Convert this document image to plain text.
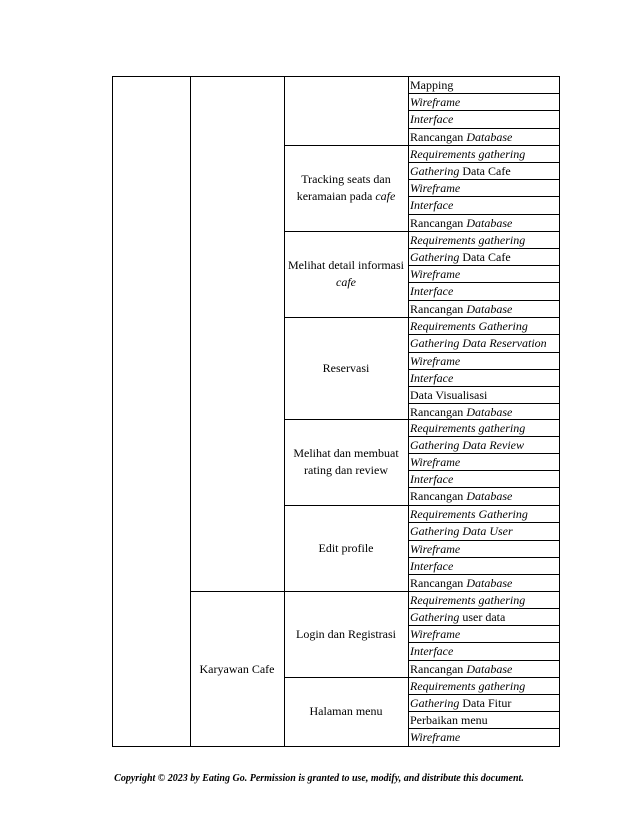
Mapping
Wireframe
Interface
Rancangan Database
Requirements gathering
Gathering Data Cafe
Wireframe
Interface
Rancangan Database
Requirements gathering
Gathering Data Cafe
Wireframe
Interface
Rancangan Database
Requirements Gathering
Gathering Data Reservation
Wireframe
Interface
Data Visualisasi
Rancangan Database
Requirements gathering
Gathering Data Review
Wireframe
Interface
Rancangan Database
Requirements Gathering
Gathering Data User
Wireframe
Interface
Rancangan Database
Requirements gathering
Gathering user data
Wireframe
Interface
Rancangan Database
Requirements gathering
Gathering Data Fitur
Perbaikan menu
Wireframe
Tracking seats dan
keramaian pada cafe
Melihat detail informasi
cafe
Reservasi
Melihat dan membuat
rating dan review
Edit profile
Login dan Registrasi
Halaman menu
Karyawan Cafe
Copyright © 2023 by Eating Go. Permission is granted to use, modify, and distribute this document.
